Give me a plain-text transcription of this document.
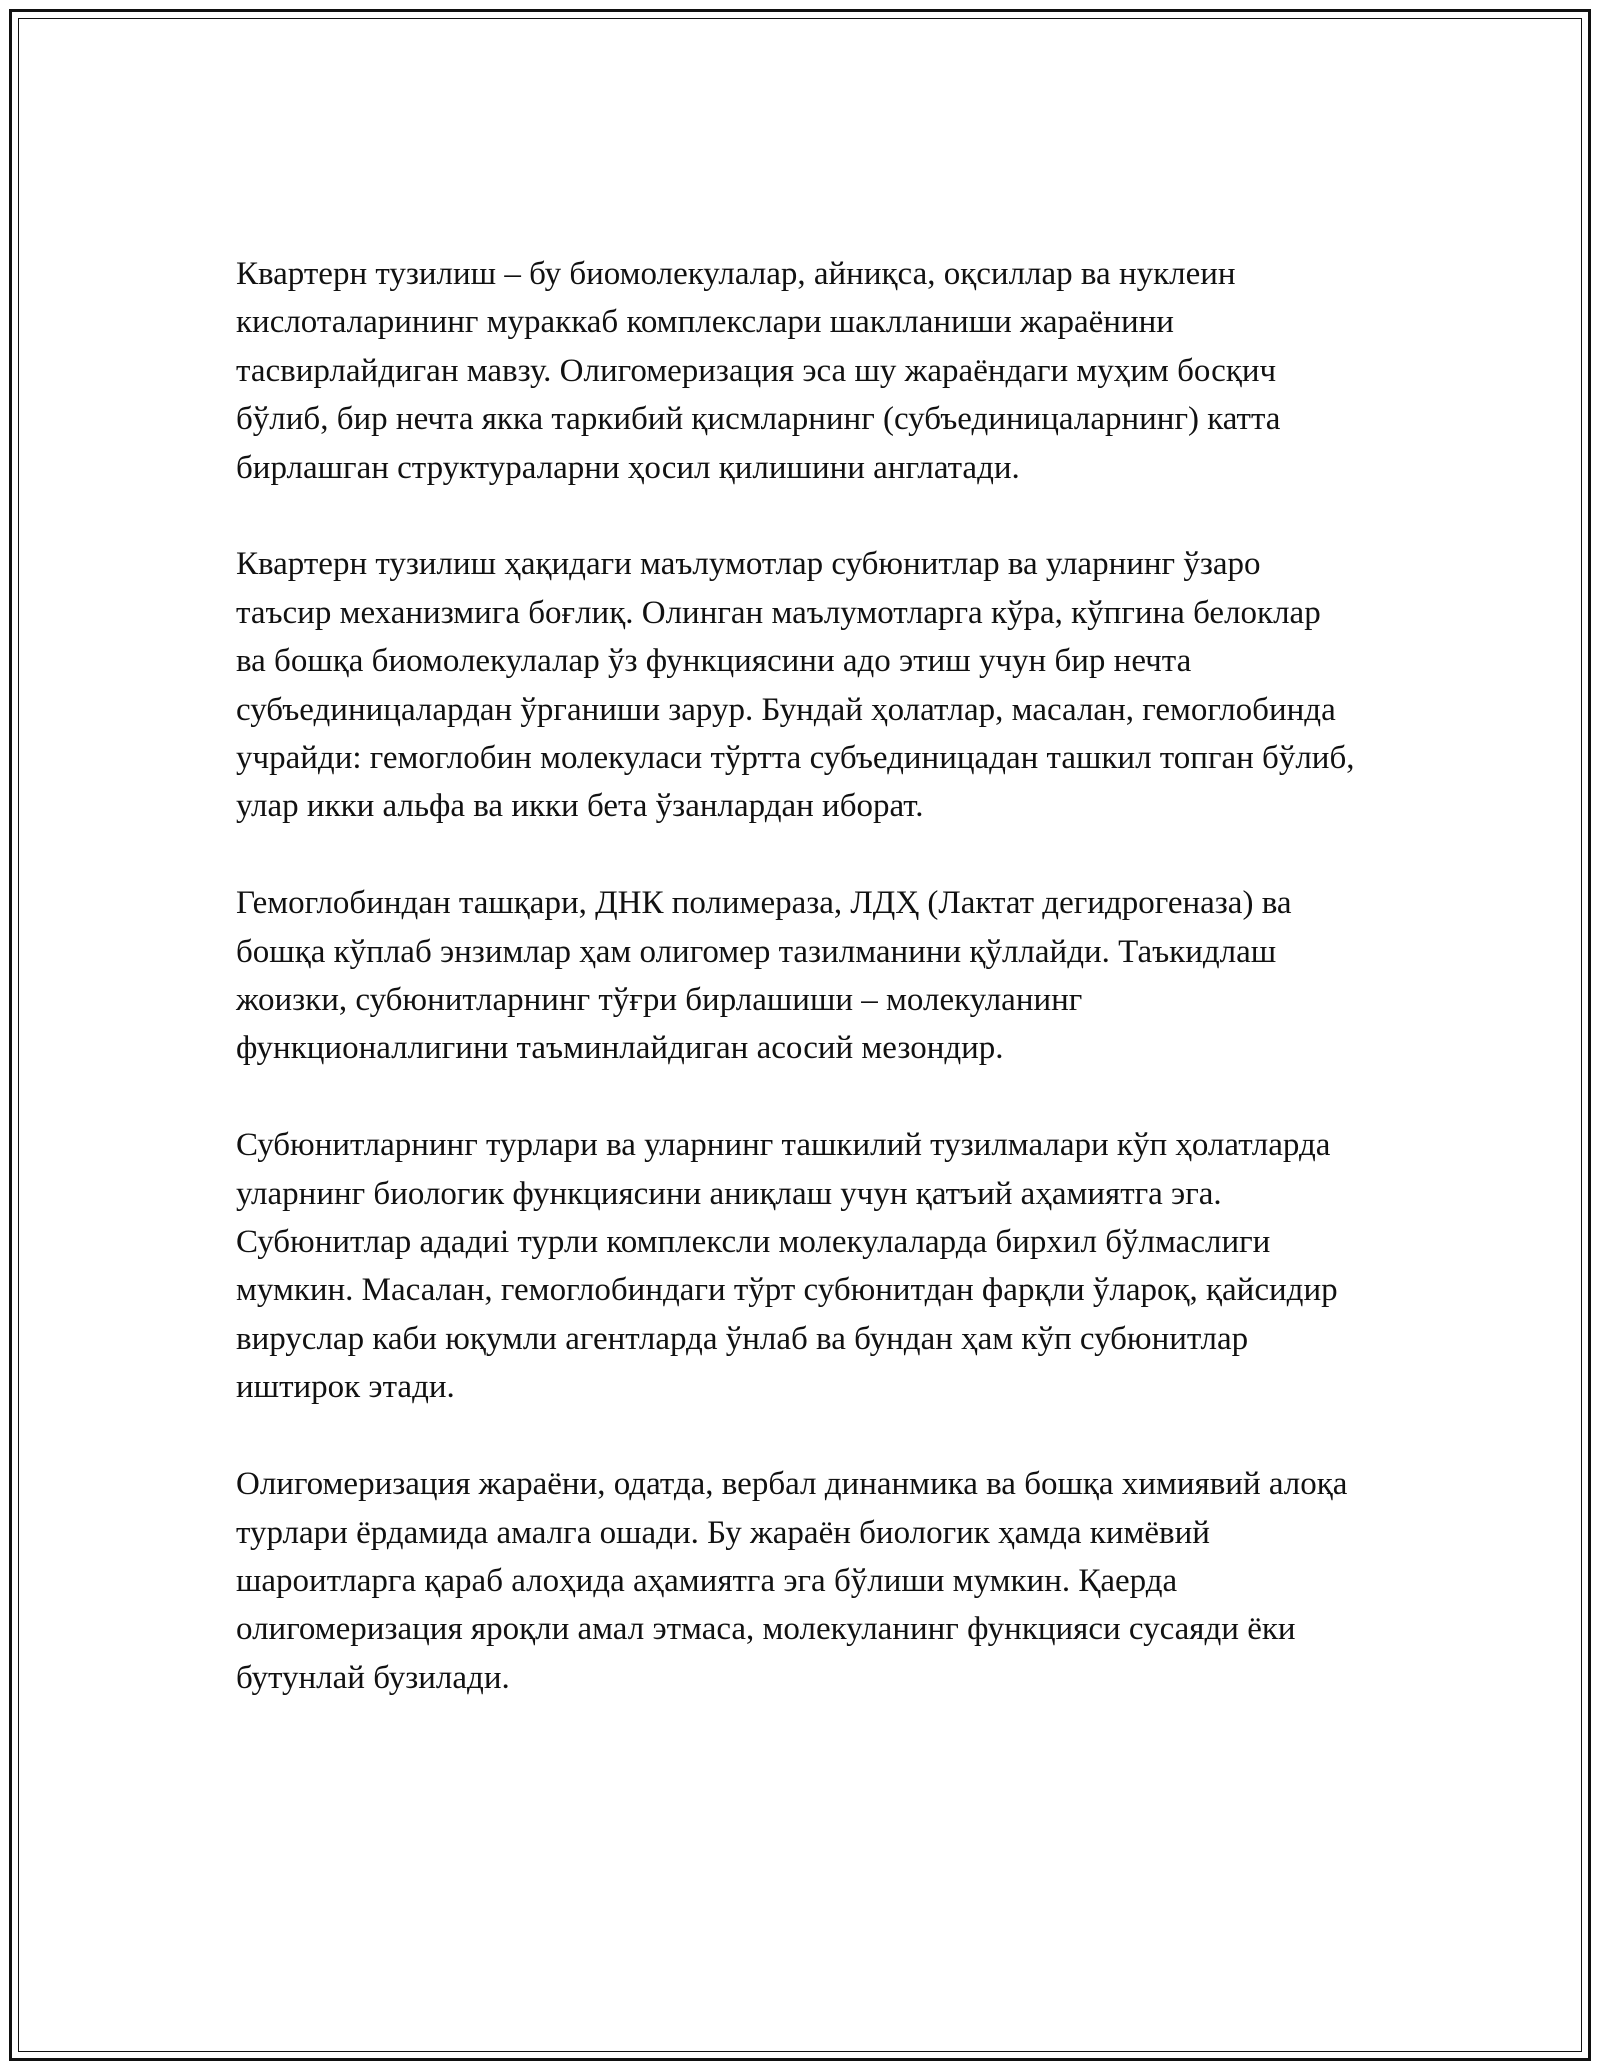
Квартерн тузилиш – бу биомолекулалар, айниқса, оқсиллар ва нуклеин кислоталарининг мураккаб комплекслари шаклланиши жараёнини тасвирлайдиган мавзу. Олигомеризация эса шу жараёндаги муҳим босқич бўлиб, бир нечта якка таркибий қисмларнинг (субъединицаларнинг) катта бирлашган структураларни ҳосил қилишини англатади.

Квартерн тузилиш ҳақидаги маълумотлар субюнитлар ва уларнинг ўзаро таъсир механизмига боғлиқ. Олинган маълумотларга кўра, кўпгина белоклар ва бошқа биомолекулалар ўз функциясини адо этиш учун бир нечта субъединицалардан ўрганиши зарур. Бундай ҳолатлар, масалан, гемоглобинда учрайди: гемоглобин молекуласи тўртта субъединицадан ташкил топган бўлиб, улар икки альфа ва икки бета ўзанлардан иборат.

Гемоглобиндан ташқари, ДНК полимераза, ЛДҲ (Лактат дегидрогеназа) ва бошқа кўплаб энзимлар ҳам олигомер тазилманини қўллайди. Таъкидлаш жоизки, субюнитларнинг тўғри бирлашиши – молекуланинг функционаллигини таъминлайдиган асосий мезондир.

Субюнитларнинг турлари ва уларнинг ташкилий тузилмалари кўп ҳолатларда уларнинг биологик функциясини аниқлаш учун қатъий аҳамиятга эга. Субюнитлар ададиi турли комплексли молекулаларда бирхил бўлмаслиги мумкин. Масалан, гемоглобиндаги тўрт субюнитдан фарқли ўлароқ, қайсидир вируслар каби юқумли агентларда ўнлаб ва бундан ҳам кўп субюнитлар иштирок этади.

Олигомеризация жараёни, одатда, вербал динанмика ва бошқа химиявий алоқа турлари ёрдамида амалга ошади. Бу жараён биологик ҳамда кимёвий шароитларга қараб алоҳида аҳамиятга эга бўлиши мумкин. Қаерда олигомеризация яроқли амал этмаса, молекуланинг функцияси сусаяди ёки бутунлай бузилади.
